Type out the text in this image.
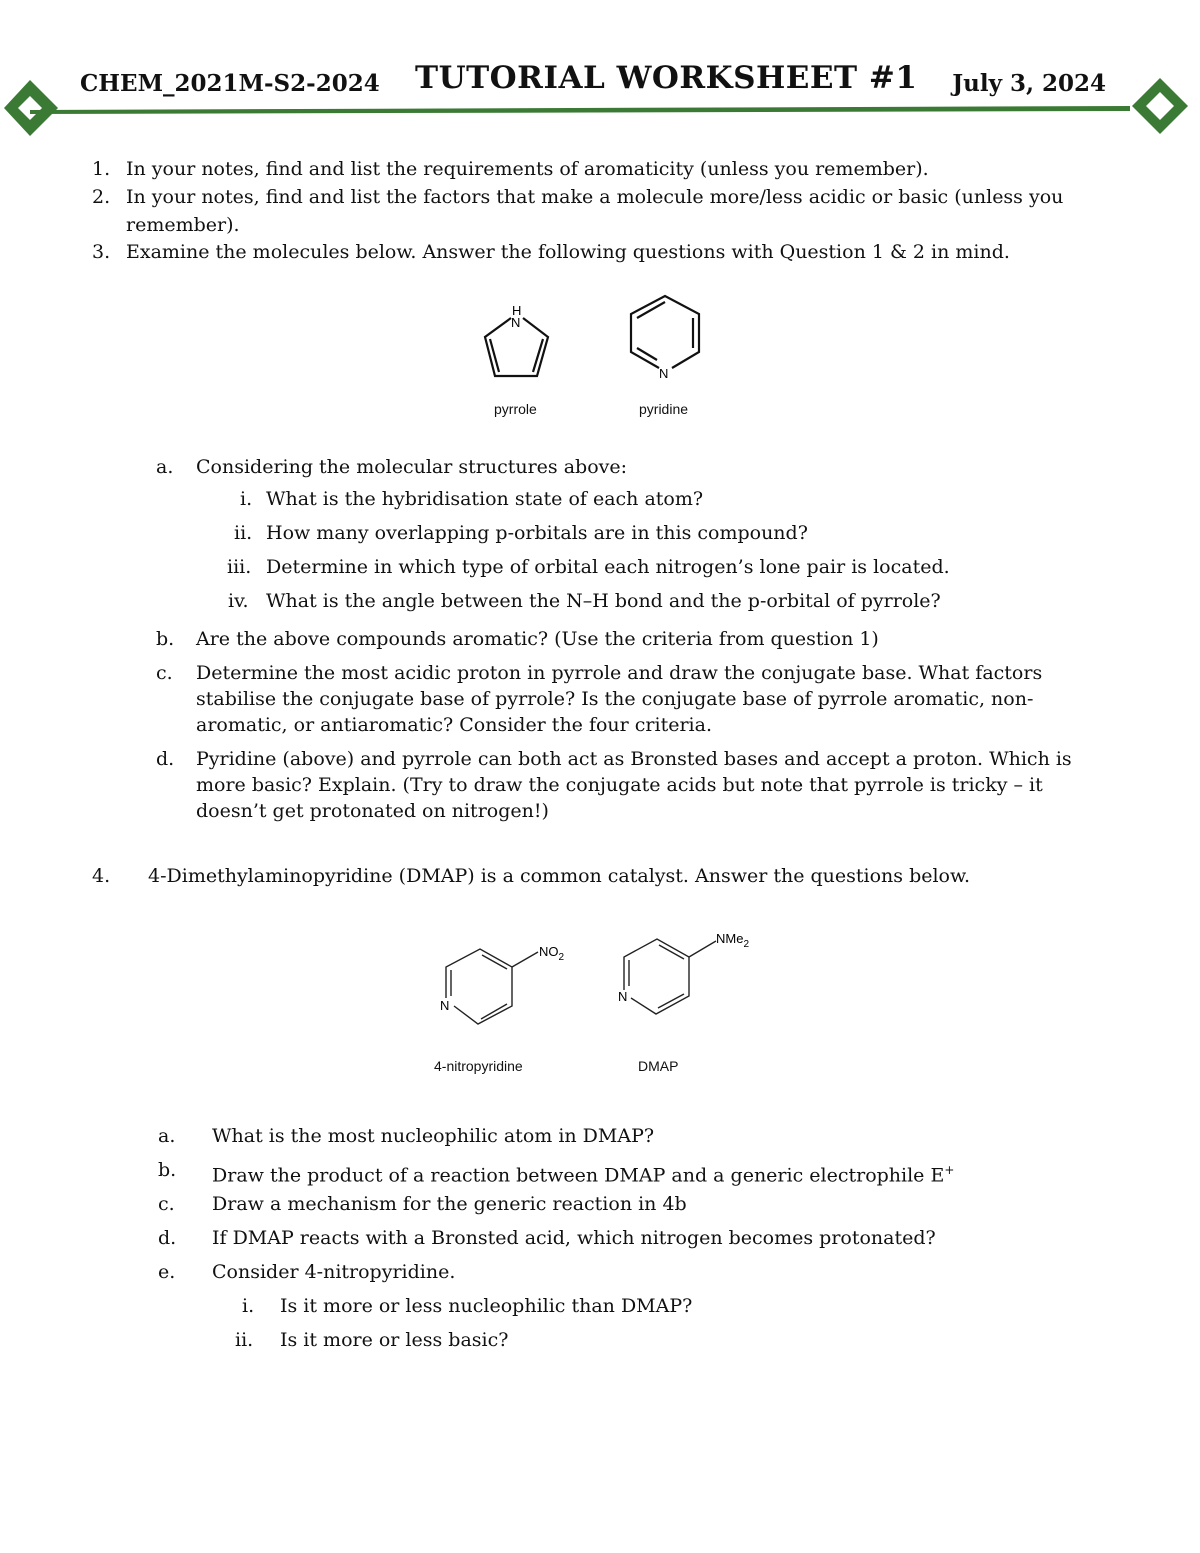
CHEM_2021M-S2-2024 TUTORIAL WORKSHEET #1 July 3, 2024
1. In your notes, find and list the requirements of aromaticity (unless you remember).
2. In your notes, find and list the factors that make a molecule more/less acidic or basic (unless you
remember).
3. Examine the molecules below. Answer the following questions with Question 1 & 2 in mind.
H
N
N
pyrrole	pyridine
a. Considering the molecular structures above:
i. What is the hybridisation state of each atom?
ii. How many overlapping p-orbitals are in this compound?
iii. Determine in which type of orbital each nitrogen’s lone pair is located.
iv. What is the angle between the N–H bond and the p-orbital of pyrrole?
b. Are the above compounds aromatic? (Use the criteria from question 1)
c. Determine the most acidic proton in pyrrole and draw the conjugate base. What factors
stabilise the conjugate base of pyrrole? Is the conjugate base of pyrrole aromatic, non-
aromatic, or antiaromatic? Consider the four criteria.
d. Pyridine (above) and pyrrole can both act as Bronsted bases and accept a proton. Which is
more basic? Explain. (Try to draw the conjugate acids but note that pyrrole is tricky – it
doesn’t get protonated on nitrogen!)
4. 4-Dimethylaminopyridine (DMAP) is a common catalyst. Answer the questions below.
N
$NO_2$
N
NMe$_2$
4-nitropyridine	DMAP
a. What is the most nucleophilic atom in DMAP?
b. Draw the product of a reaction between DMAP and a generic electrophile E+
c. Draw a mechanism for the generic reaction in 4b
d. If DMAP reacts with a Bronsted acid, which nitrogen becomes protonated?
e. Consider 4-nitropyridine.
i. Is it more or less nucleophilic than DMAP?
ii. Is it more or less basic?
